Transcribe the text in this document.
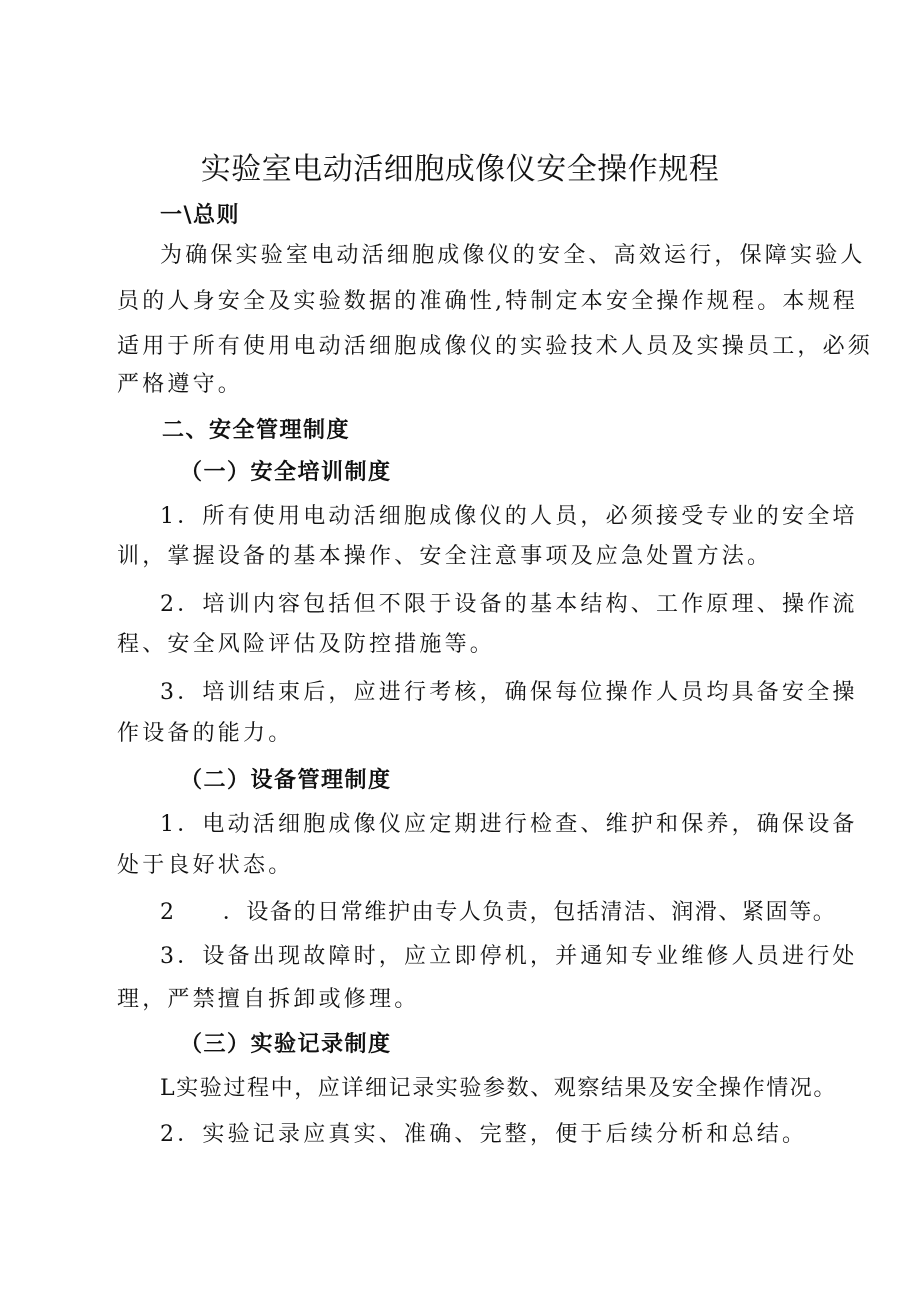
实验室电动活细胞成像仪安全操作规程
一\总则
为确保实验室电动活细胞成像仪的安全、高效运行，保障实验人
员的人身安全及实验数据的准确性,特制定本安全操作规程。本规程
适用于所有使用电动活细胞成像仪的实验技术人员及实操员工，必须
严格遵守。
二、安全管理制度
（一）安全培训制度
1．所有使用电动活细胞成像仪的人员，必须接受专业的安全培
训，掌握设备的基本操作、安全注意事项及应急处置方法。
2．培训内容包括但不限于设备的基本结构、工作原理、操作流
程、安全风险评估及防控措施等。
3．培训结束后，应进行考核，确保每位操作人员均具备安全操
作设备的能力。
（二）设备管理制度
1．电动活细胞成像仪应定期进行检查、维护和保养，确保设备
处于良好状态。
2　　．设备的日常维护由专人负责，包括清洁、润滑、紧固等。
3．设备出现故障时，应立即停机，并通知专业维修人员进行处
理，严禁擅自拆卸或修理。
（三）实验记录制度
L实验过程中，应详细记录实验参数、观察结果及安全操作情况。
2．实验记录应真实、准确、完整，便于后续分析和总结。
